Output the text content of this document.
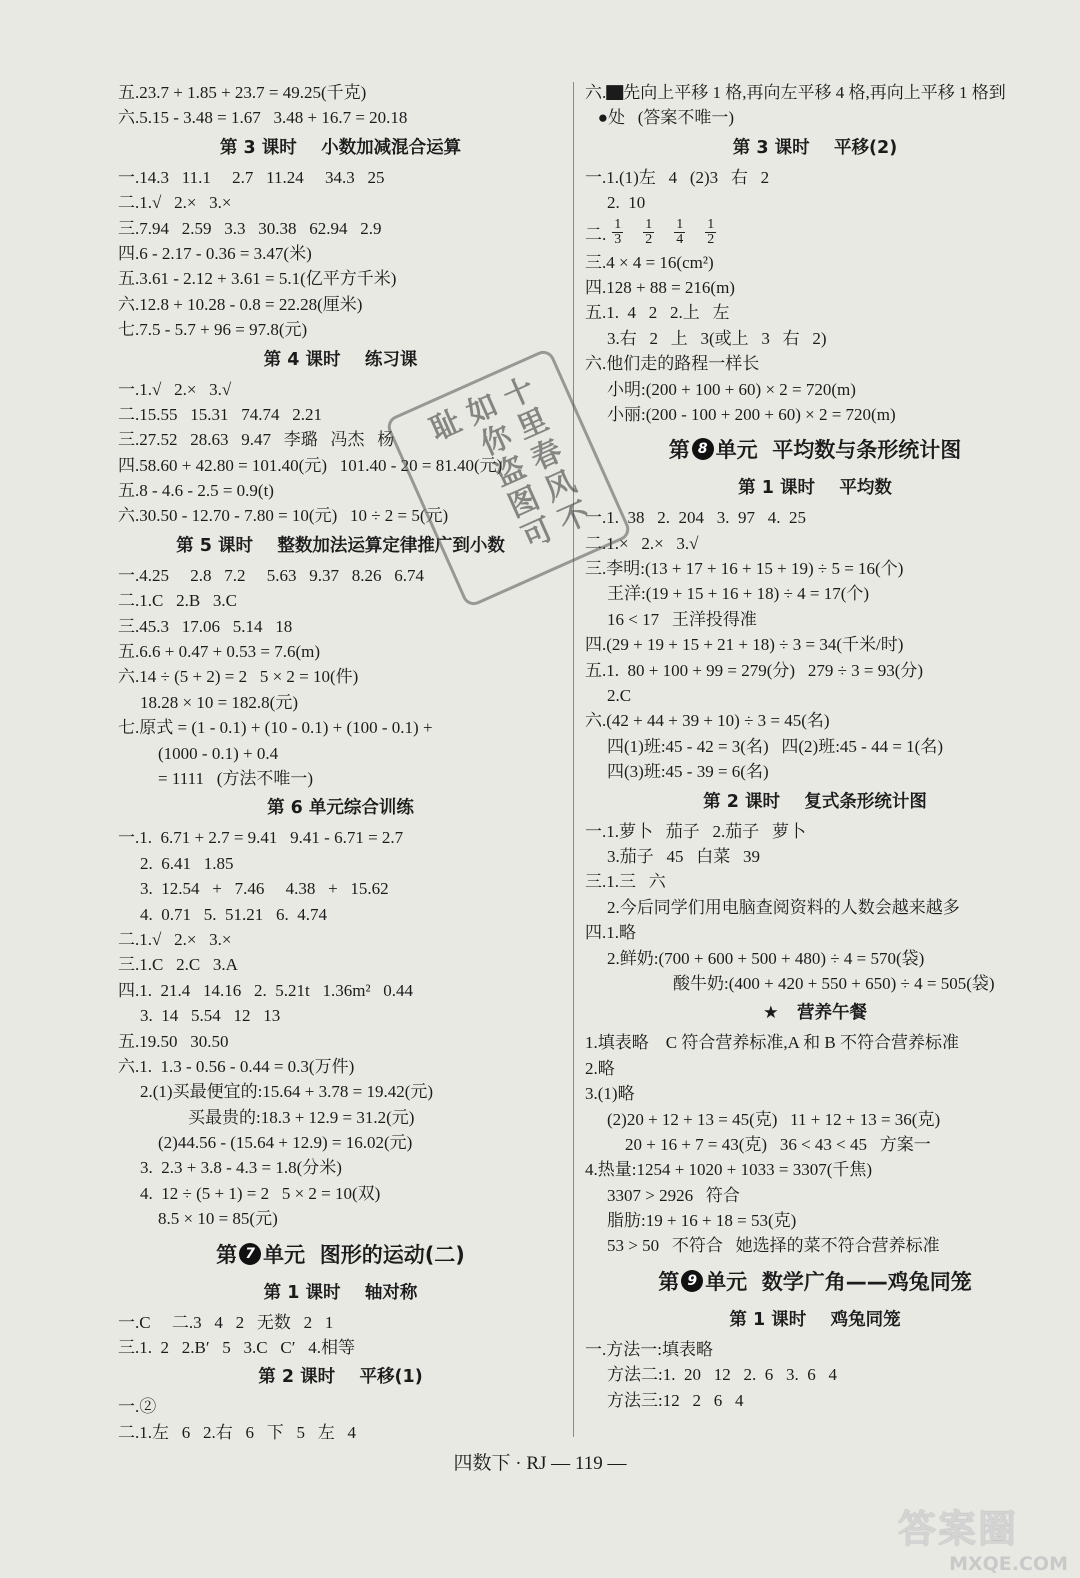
五.23.7 + 1.85 + 23.7 = 49.25(千克)
六.5.15 - 3.48 = 1.67   3.48 + 16.7 = 20.18
第 3 课时    小数加减混合运算
一.14.3   11.1     2.7   11.24     34.3   25
二.1.√   2.×   3.×
三.7.94   2.59   3.3   30.38   62.94   2.9
四.6 - 2.17 - 0.36 = 3.47(米)
五.3.61 - 2.12 + 3.61 = 5.1(亿平方千米)
六.12.8 + 10.28 - 0.8 = 22.28(厘米)
七.7.5 - 5.7 + 96 = 97.8(元)
第 4 课时    练习课
一.1.√   2.×   3.√
二.15.55   15.31   74.74   2.21
三.27.52   28.63   9.47   李璐   冯杰   杨
四.58.60 + 42.80 = 101.40(元)   101.40 - 20 = 81.40(元)
五.8 - 4.6 - 2.5 = 0.9(t)
六.30.50 - 12.70 - 7.80 = 10(元)   10 ÷ 2 = 5(元)
第 5 课时    整数加法运算定律推广到小数
一.4.25     2.8   7.2     5.63   9.37   8.26   6.74
二.1.C   2.B   3.C
三.45.3   17.06   5.14   18
五.6.6 + 0.47 + 0.53 = 7.6(m)
六.14 ÷ (5 + 2) = 2   5 × 2 = 10(件)
18.28 × 10 = 182.8(元)
七.原式 = (1 - 0.1) + (10 - 0.1) + (100 - 0.1) +
(1000 - 0.1) + 0.4
= 1111   (方法不唯一)
第 6 单元综合训练
一.1.  6.71 + 2.7 = 9.41   9.41 - 6.71 = 2.7
2.  6.41   1.85
3.  12.54   +   7.46     4.38   +   15.62
4.  0.71   5.  51.21   6.  4.74
二.1.√   2.×   3.×
三.1.C   2.C   3.A
四.1.  21.4   14.16   2.  5.21t   1.36m²   0.44
3.  14   5.54   12   13
五.19.50   30.50
六.1.  1.3 - 0.56 - 0.44 = 0.3(万件)
2.(1)买最便宜的:15.64 + 3.78 = 19.42(元)
买最贵的:18.3 + 12.9 = 31.2(元)
(2)44.56 - (15.64 + 12.9) = 16.02(元)
3.  2.3 + 3.8 - 4.3 = 1.8(分米)
4.  12 ÷ (5 + 1) = 2   5 × 2 = 10(双)
8.5 × 10 = 85(元)
第 7 单元  图形的运动(二)
第 1 课时    轴对称
一.C     二.3   4   2   无数   2   1
三.1.  2   2.B′   5   3.C   C′   4.相等
第 2 课时    平移(1)
一.②
二.1.左   6   2.右   6   下   5   左   4
六.▇先向上平移 1 格,再向左平移 4 格,再向上平移 1 格到
●处   (答案不唯一)
第 3 课时    平移(2)
一.1.(1)左   4   (2)3   右   2
2.  10
二. $\frac{1}{3} \frac{1}{2} \frac{1}{4} \frac{1}{2}$
三.4 × 4 = 16(cm²)
四.128 + 88 = 216(m)
五.1.  4   2   2.上   左
3.右   2   上   3(或上   3   右   2)
六.他们走的路程一样长
小明:(200 + 100 + 60) × 2 = 720(m)
小丽:(200 - 100 + 200 + 60) × 2 = 720(m)
第 8 单元  平均数与条形统计图
第 1 课时    平均数
一.1.  38   2.  204   3.  97   4.  25
二.1.×   2.×   3.√
三.李明:(13 + 17 + 16 + 15 + 19) ÷ 5 = 16(个)
王洋:(19 + 15 + 16 + 18) ÷ 4 = 17(个)
16 < 17   王洋投得准
四.(29 + 19 + 15 + 21 + 18) ÷ 3 = 34(千米/时)
五.1.  80 + 100 + 99 = 279(分)   279 ÷ 3 = 93(分)
2.C
六.(42 + 44 + 39 + 10) ÷ 3 = 45(名)
四(1)班:45 - 42 = 3(名)   四(2)班:45 - 44 = 1(名)
四(3)班:45 - 39 = 6(名)
第 2 课时    复式条形统计图
一.1.萝卜   茄子   2.茄子   萝卜
3.茄子   45   白菜   39
三.1.三   六
2.今后同学们用电脑查阅资料的人数会越来越多
四.1.略
2.鲜奶:(700 + 600 + 500 + 480) ÷ 4 = 570(袋)
酸牛奶:(400 + 420 + 550 + 650) ÷ 4 = 505(袋)
★   营养午餐
1.填表略    C 符合营养标准,A 和 B 不符合营养标准
2.略
3.(1)略
(2)20 + 12 + 13 = 45(克)   11 + 12 + 13 = 36(克)
20 + 16 + 7 = 43(克)   36 < 43 < 45   方案一
4.热量:1254 + 1020 + 1033 = 3307(千焦)
3307 > 2926   符合
脂肪:19 + 16 + 18 = 53(克)
53 > 50   不符合   她选择的菜不符合营养标准
第 9 单元  数学广角——鸡兔同笼
第 1 课时    鸡兔同笼
一.方法一:填表略
方法二:1.  20   12   2.  6   3.  6   4
方法三:12   2   6   4
十里春风不如你盗图可耻
四数下 · RJ — 119 —
答案圈
MXQE.COM
